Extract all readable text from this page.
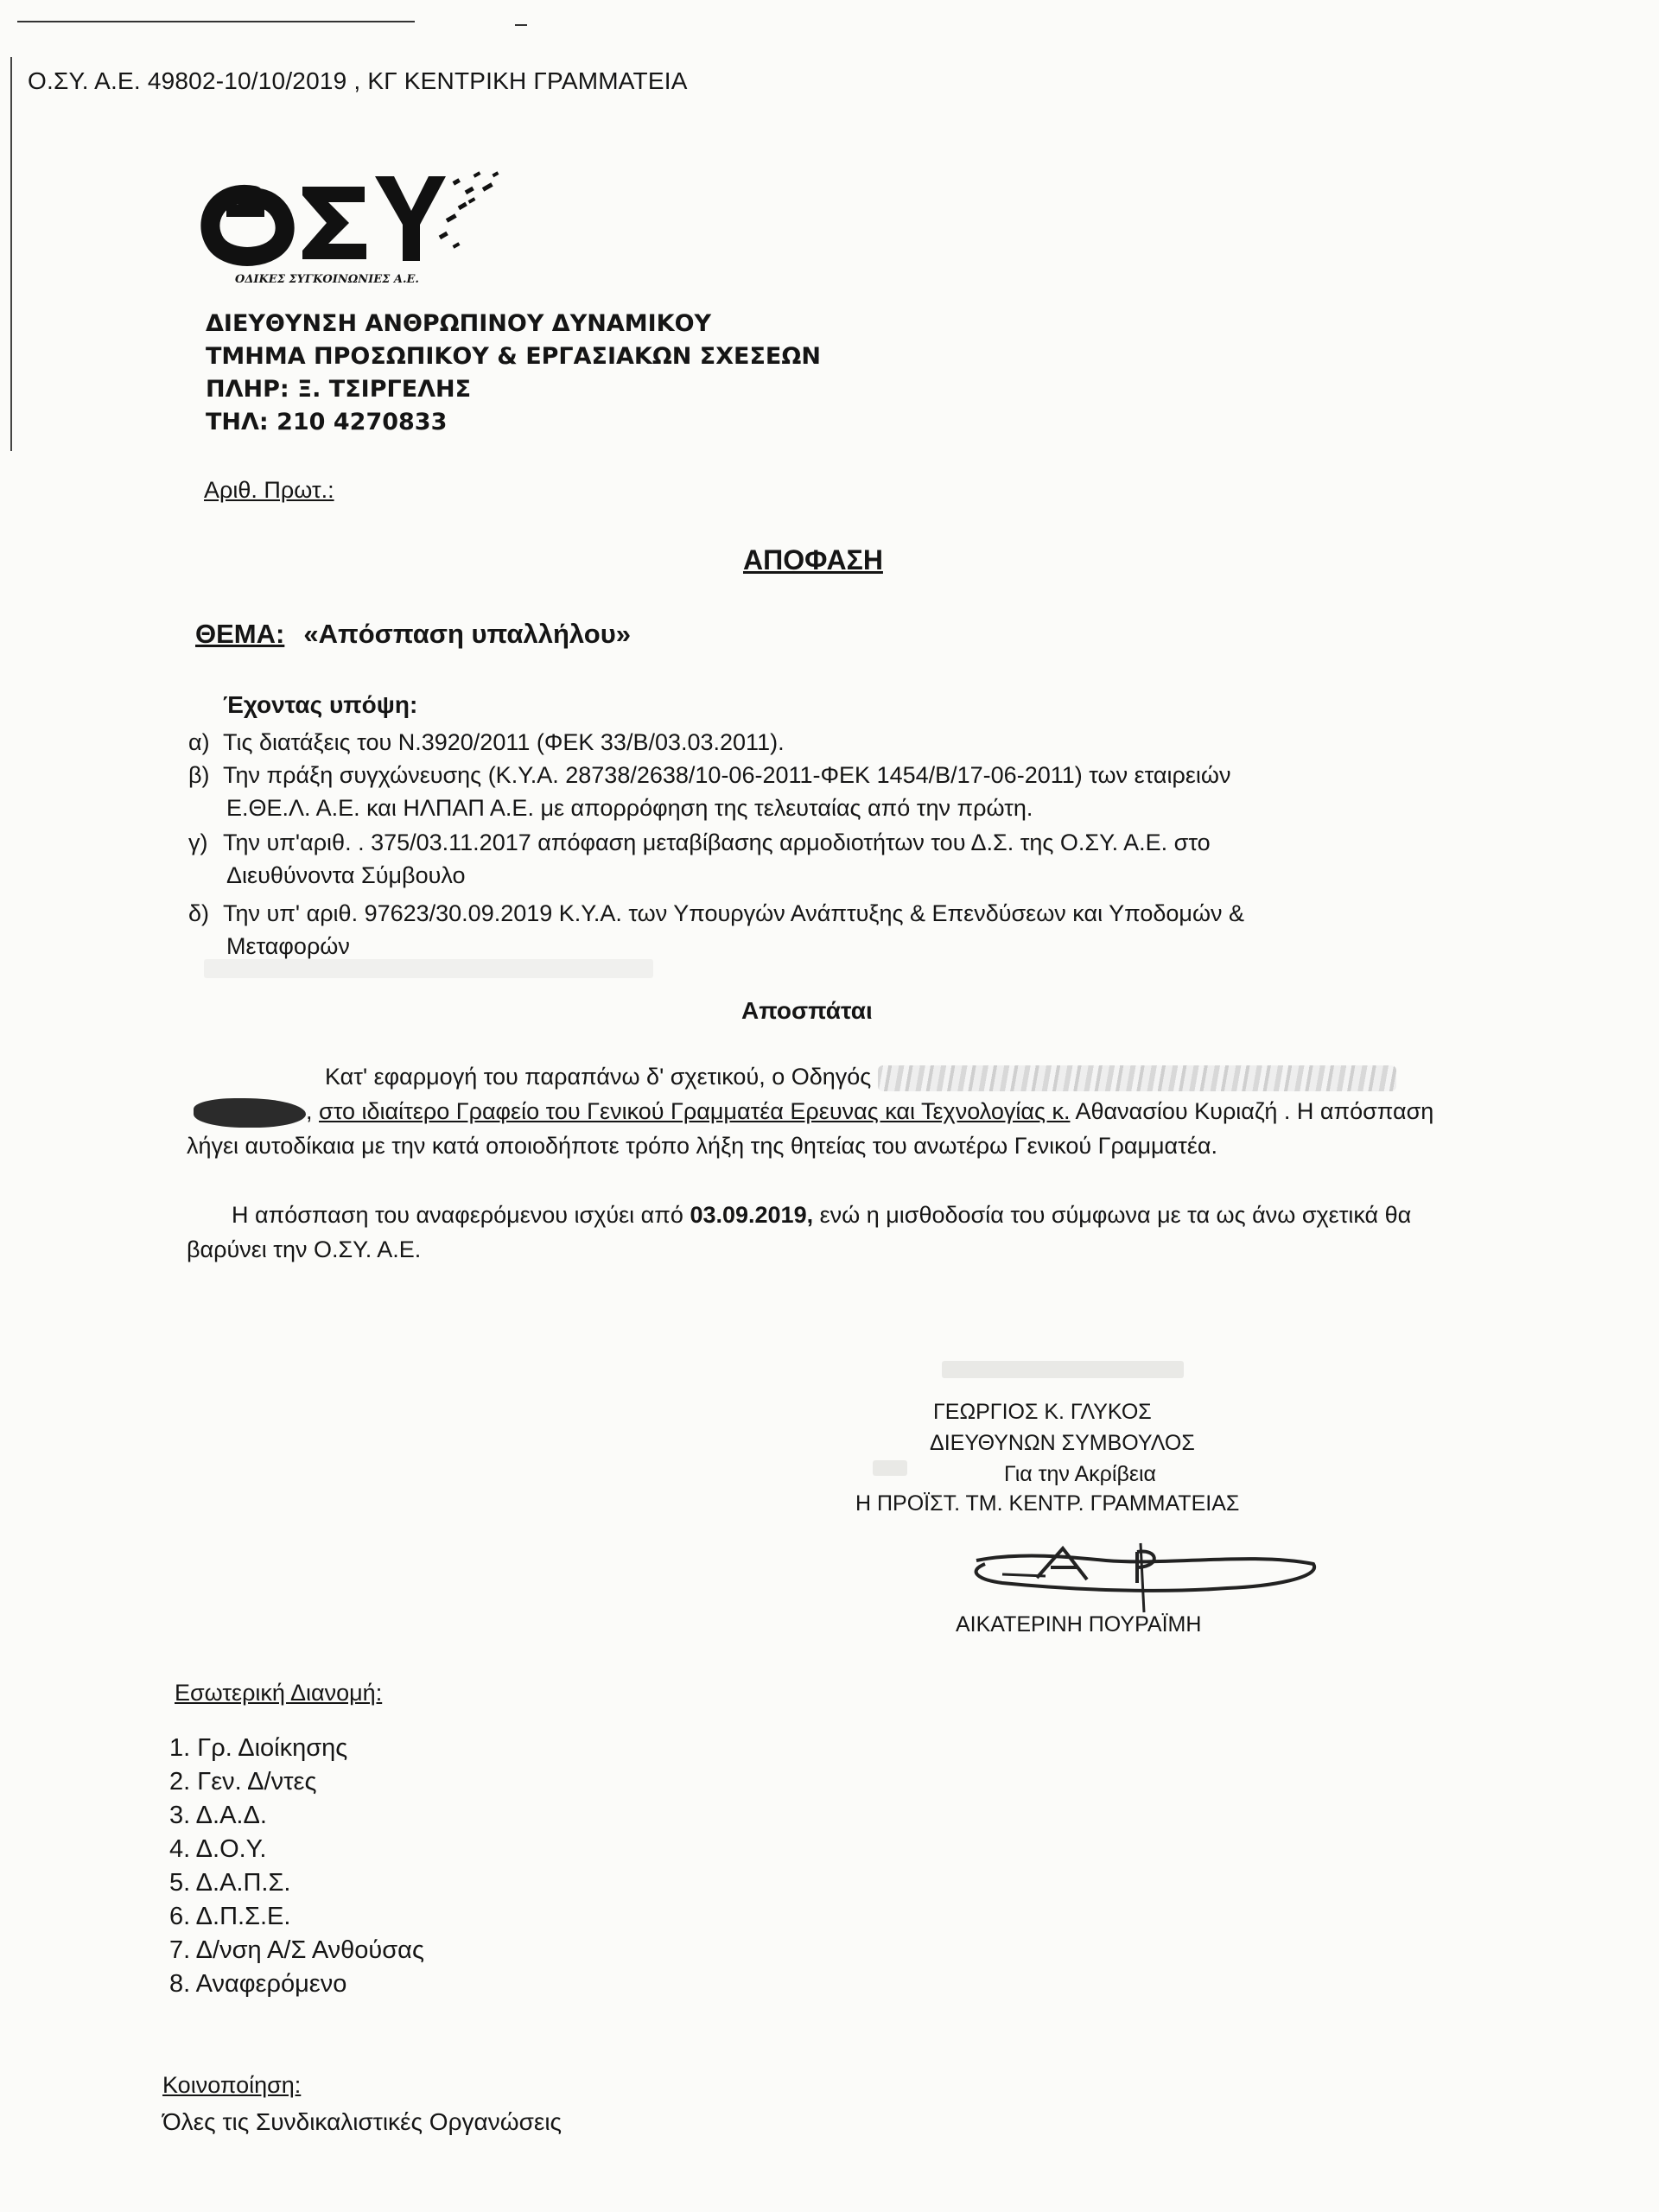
Ο.ΣΥ. Α.Ε. 49802-10/10/2019 , ΚΓ ΚΕΝΤΡΙΚΗ ΓΡΑΜΜΑΤΕΙΑ
ΟΣΥ
ΟΔΙΚΕΣ ΣΥΓΚΟΙΝΩΝΙΕΣ Α.Ε.
ΔΙΕΥΘΥΝΣΗ ΑΝΘΡΩΠΙΝΟΥ ΔΥΝΑΜΙΚΟΥ
ΤΜΗΜΑ ΠΡΟΣΩΠΙΚΟΥ & ΕΡΓΑΣΙΑΚΩΝ ΣΧΕΣΕΩΝ
ΠΛΗΡ: Ξ. ΤΣΙΡΓΕΛΗΣ
ΤΗΛ: 210 4270833
Αριθ. Πρωτ.:
ΑΠΟΦΑΣΗ
ΘΕΜΑ: «Απόσπαση υπαλλήλου»
Έχοντας υπόψη:
α) Τις διατάξεις του Ν.3920/2011 (ΦΕΚ 33/Β/03.03.2011).
β) Την πράξη συγχώνευσης (Κ.Υ.Α. 28738/2638/10-06-2011-ΦΕΚ 1454/Β/17-06-2011) των εταιρειών
Ε.ΘΕ.Λ. Α.Ε. και ΗΛΠΑΠ Α.Ε. με απορρόφηση της τελευταίας από την πρώτη.
γ) Την υπ'αριθ. . 375/03.11.2017 απόφαση μεταβίβασης αρμοδιοτήτων του Δ.Σ. της Ο.ΣΥ. Α.Ε. στο
Διευθύνοντα Σύμβουλο
δ) Την υπ' αριθ. 97623/30.09.2019 Κ.Υ.Α. των Υπουργών Ανάπτυξης & Επενδύσεων και Υποδομών &
Μεταφορών
Αποσπάται
Κατ' εφαρμογή του παραπάνω δ' σχετικού, ο Οδηγός , στο ιδιαίτερο Γραφείο του Γενικού Γραμματέα Ερευνας και Τεχνολογίας κ. Αθανασίου Κυριαζή . Η απόσπαση λήγει αυτοδίκαια με την κατά οποιοδήποτε τρόπο λήξη της θητείας του ανωτέρω Γενικού Γραμματέα.
Η απόσπαση του αναφερόμενου ισχύει από 03.09.2019, ενώ η μισθοδοσία του σύμφωνα με τα ως άνω σχετικά θα βαρύνει την Ο.ΣΥ. Α.Ε.
ΓΕΩΡΓΙΟΣ Κ. ΓΛΥΚΟΣ
ΔΙΕΥΘΥΝΩΝ ΣΥΜΒΟΥΛΟΣ
Για την Ακρίβεια
Η ΠΡΟΪΣΤ. ΤΜ. ΚΕΝΤΡ. ΓΡΑΜΜΑΤΕΙΑΣ
ΑΙΚΑΤΕΡΙΝΗ ΠΟΥΡΑΪΜΗ
Εσωτερική Διανομή:
1. Γρ. Διοίκησης
2. Γεν. Δ/ντες
3. Δ.Α.Δ.
4. Δ.Ο.Υ.
5. Δ.Α.Π.Σ.
6. Δ.Π.Σ.Ε.
7. Δ/νση Α/Σ Ανθούσας
8. Αναφερόμενο
Κοινοποίηση:
Όλες τις Συνδικαλιστικές Οργανώσεις
